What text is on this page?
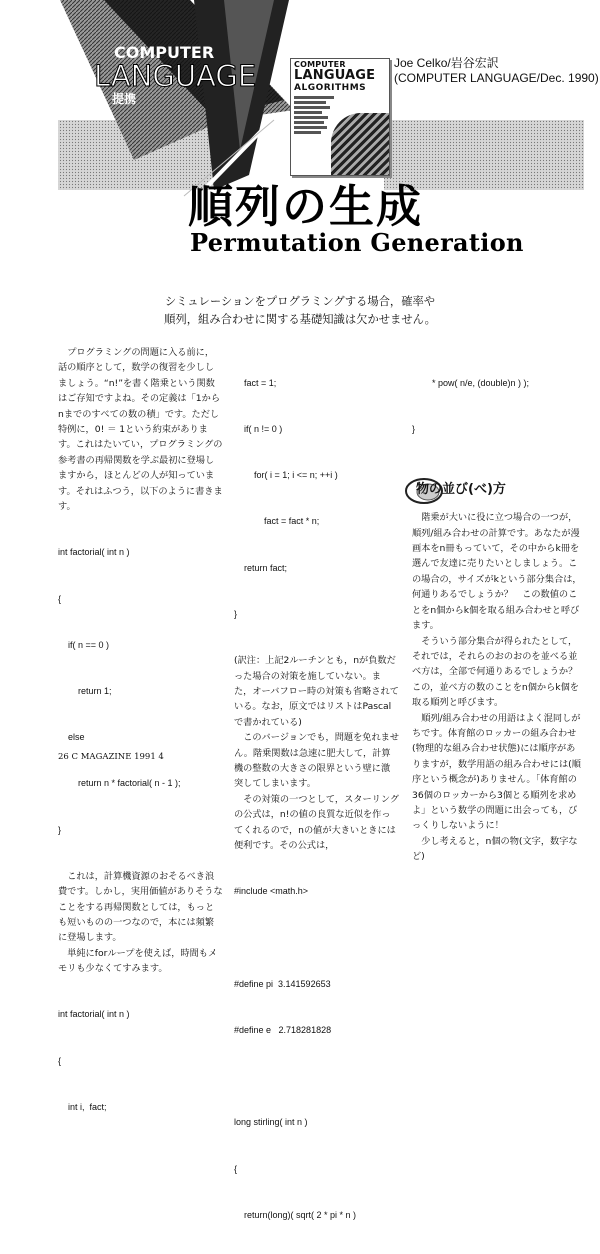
COMPUTER
LANGUAGE
提携
COMPUTER
LANGUAGE
ALGORITHMS
Joe Celko/岩谷宏訳
(COMPUTER LANGUAGE/Dec. 1990)
順列の生成
Permutation Generation
シミュレーションをプログラミングする場合，確率や
順列，組み合わせに関する基礎知識は欠かせません。

プログラミングの問題に入る前に，話の順序として，数学の復習を少ししましょう。“n!”を書く階乗という関数はご存知ですよね。その定義は「1からnまでのすべての数の積」です。ただし特例に，0! ＝ 1という約束があります。これはたいてい，プログラミングの参考書の再帰関数を学ぶ最初に登場しますから，ほとんどの人が知っています。それはふつう，以下のように書きます。

int factorial( int n )

{

if( n == 0 )

return 1;

else

return n * factorial( n - 1 );

}

これは，計算機資源のおそるべき浪費です。しかし，実用価値がありそうなことをする再帰関数としては，もっとも短いものの一つなので，本には頻繁に登場します。

単純にforループを使えば，時間もメモリも少なくてすみます。

int factorial( int n )

{

int i,  fact;

fact = 1;

if( n != 0 )

for( i = 1; i <= n; ++i )

fact = fact * n;

return fact;

}

(訳注：上記2ルーチンとも，nが負数だった場合の対策を施していない。また，オーバフロー時の対策も省略されている。なお，原文ではリストはPascalで書かれている)

このバージョンでも，問題を免れません。階乗関数は急速に肥大して，計算機の整数の大きさの限界という壁に激突してしまいます。

その対策の一つとして，スターリングの公式は，n!の値の良質な近似を作ってくれるので，nの値が大きいときには便利です。その公式は，

#include <math.h>

#define pi  3.141592653

#define e   2.718281828

long stirling( int n )

{

return(long)( sqrt( 2 * pi * n )

* pow( n/e, (double)n ) );

}

物の並び(べ)方

階乗が大いに役に立つ場合の一つが，順列/組み合わせの計算です。あなたが漫画本をn冊もっていて，その中からk冊を選んで友達に売りたいとしましょう。この場合の，サイズがkという部分集合は，何通りあるでしょうか？　この数値のことをn個からk個を取る組み合わせと呼びます。

そういう部分集合が得られたとして，それでは，それらのおのおのを並べる並べ方は，全部で何通りあるでしょうか？　この，並べ方の数のことをn個からk個を取る順列と呼びます。

順列/組み合わせの用語はよく混同しがちです。体育館のロッカーの組み合わせ(物理的な組み合わせ状態)には順序がありますが，数学用語の組み合わせには(順序という概念が)ありません。「体育館の36個のロッカーから3個とる順列を求めよ」という数学の問題に出会っても，びっくりしないように！

少し考えると，n個の物(文字，数字など)

26 C MAGAZINE 1991 4
